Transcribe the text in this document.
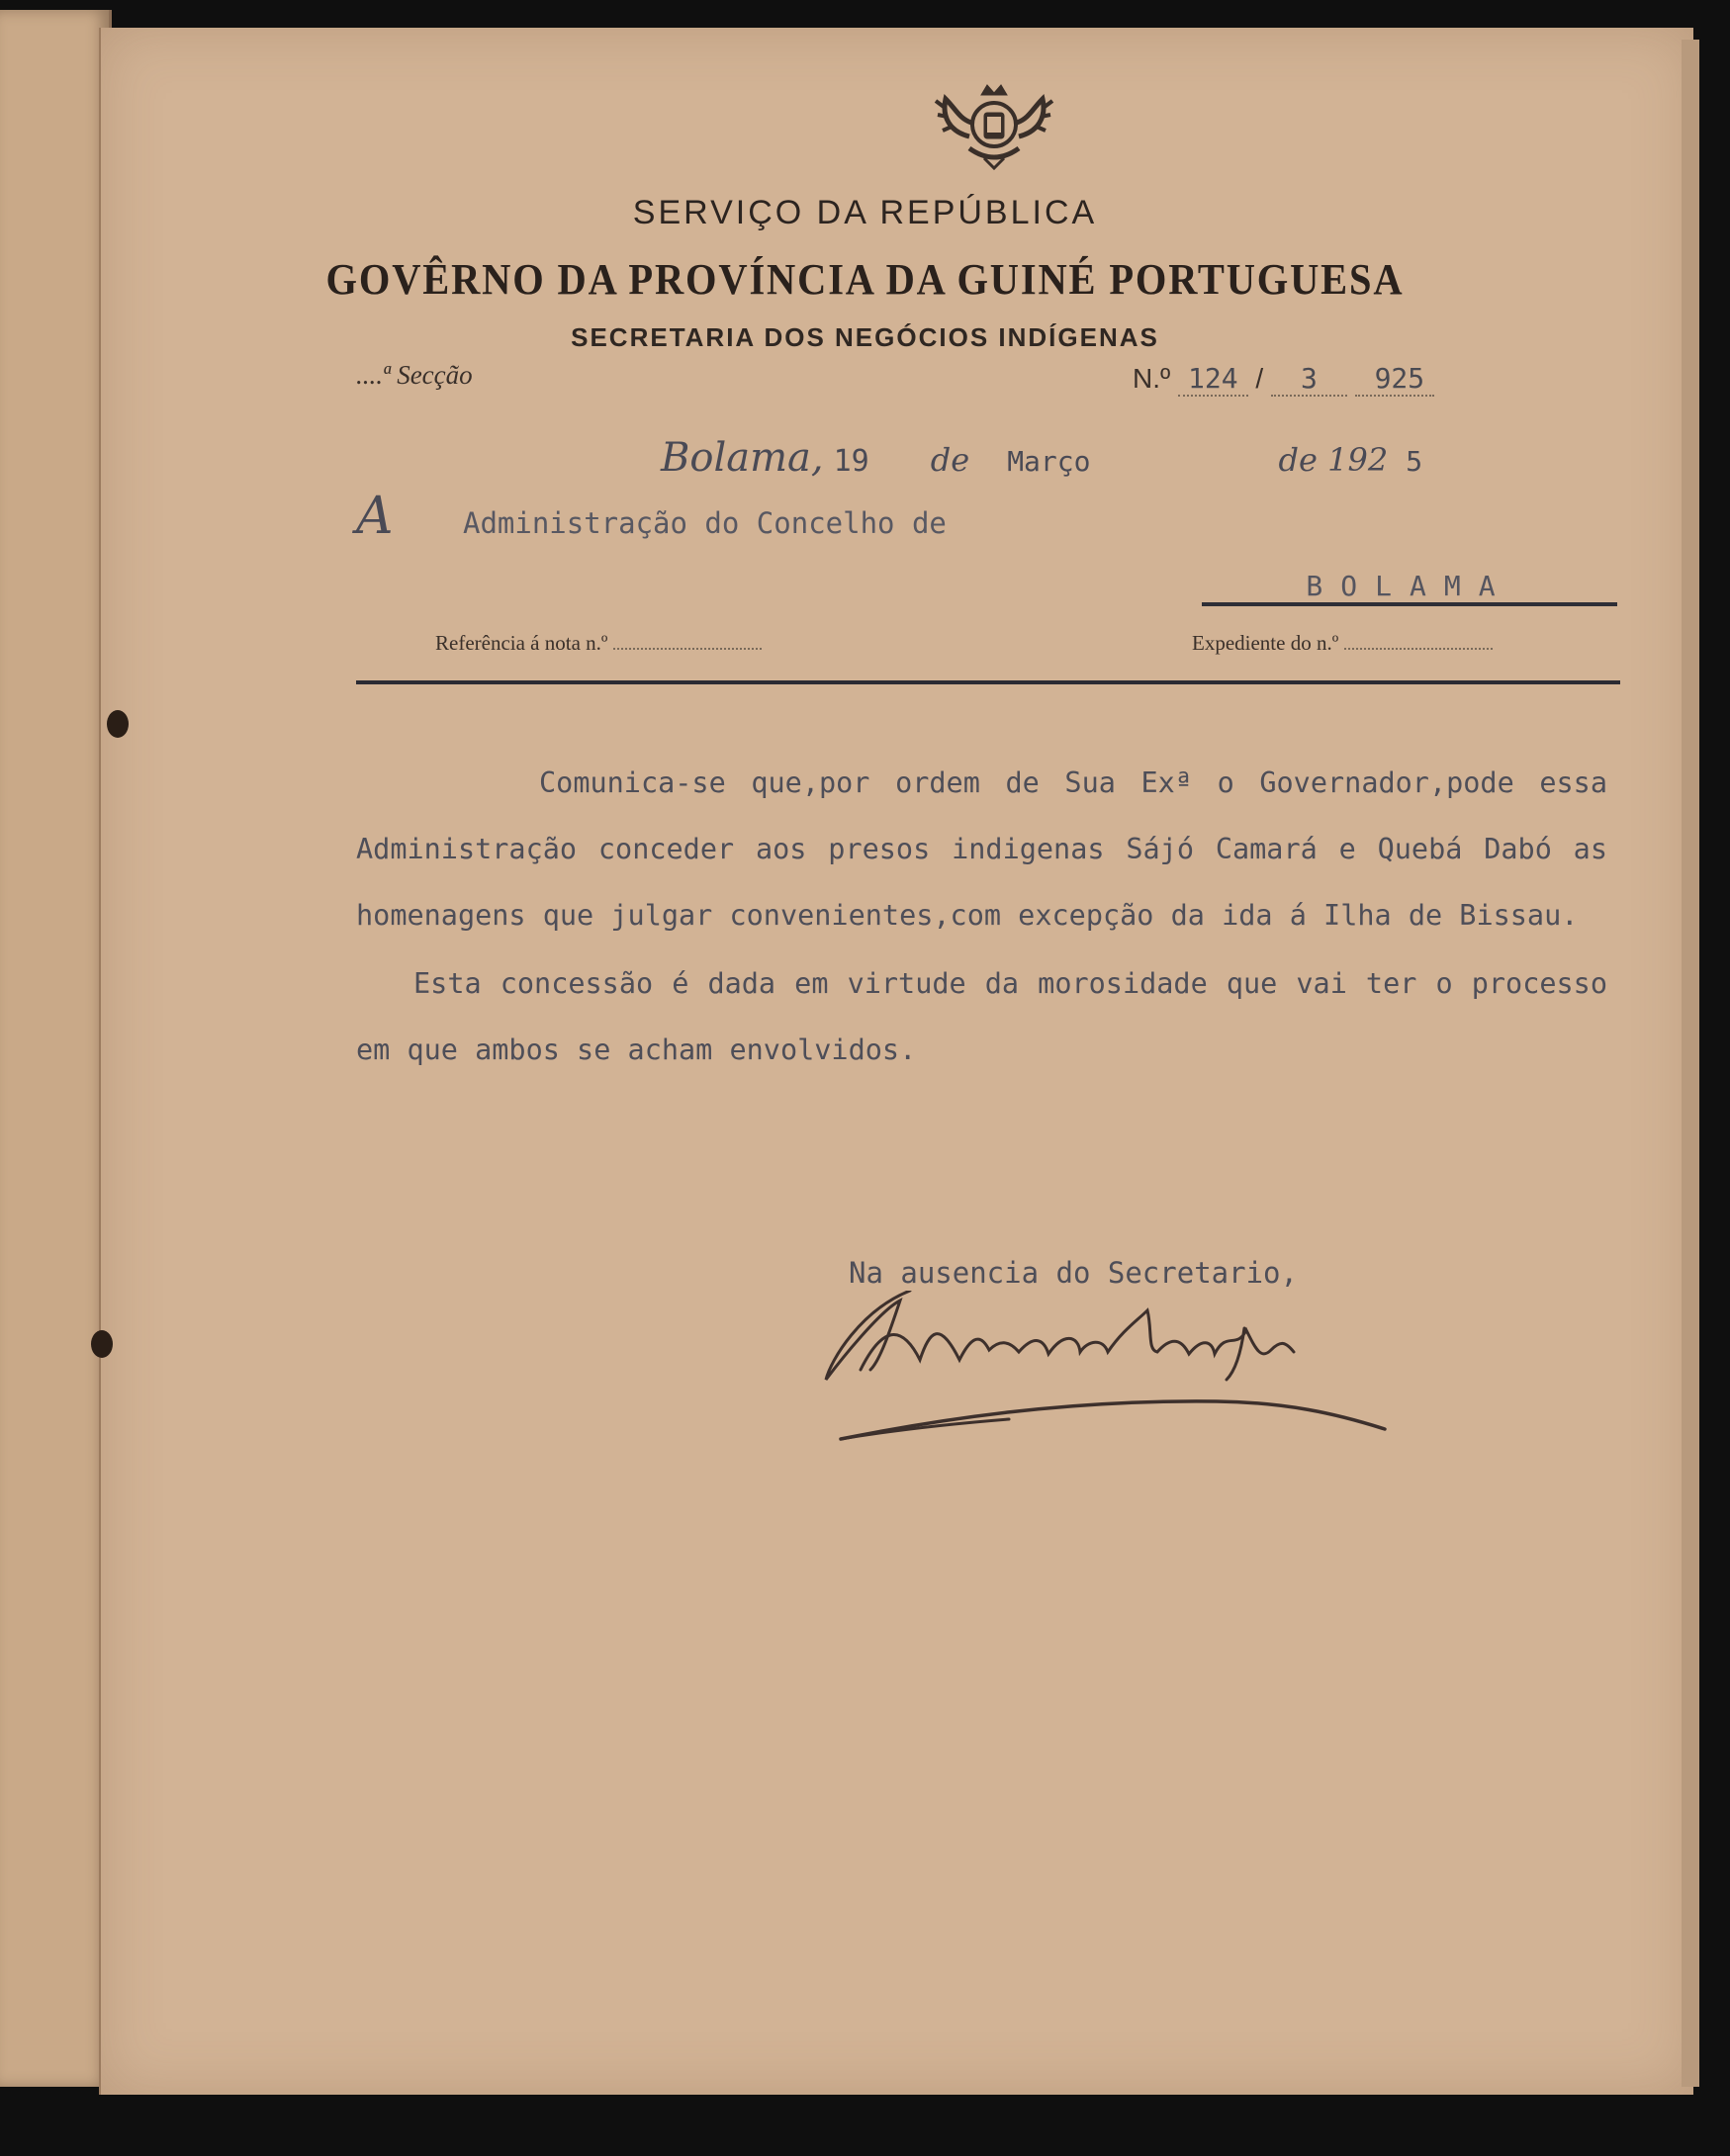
SERVIÇO DA REPÚBLICA
GOVÊRNO DA PROVÍNCIA DA GUINÉ PORTUGUESA
SECRETARIA DOS NEGÓCIOS INDÍGENAS
....ª Secção	N.º 124 / 3 925
Bolama, 19 de Março	de 192 5
A Administração do Concelho de
BOLAMA
Referência á nota n.º	Expediente do n.º

Comunica-se que,por ordem de Sua Exª o Governador,pode essa Administração conceder aos presos indigenas Sájó Camará e Quebá Dabó as homenagens que julgar convenientes,com excepção da ida á Ilha de Bissau.

Esta concessão é dada em virtude da morosidade que vai ter o processo em que ambos se acham envolvidos.

Na ausencia do Secretario,
